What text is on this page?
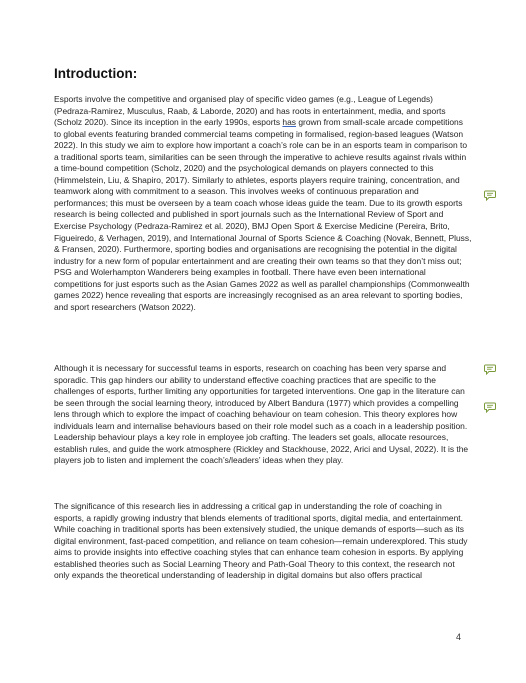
Introduction:

Esports involve the competitive and organised play of specific video games (e.g., League of Legends) (Pedraza-Ramirez, Musculus, Raab, & Laborde, 2020) and has roots in entertainment, media, and sports (Scholz 2020). Since its inception in the early 1990s, esports has grown from small-scale arcade competitions to global events featuring branded commercial teams competing in formalised, region-based leagues (Watson 2022). In this study we aim to explore how important a coach’s role can be in an esports team in comparison to a traditional sports team, similarities can be seen through the imperative to achieve results against rivals within a time-bound competition (Scholz, 2020) and the psychological demands on players connected to this (Himmelstein, Liu, & Shapiro, 2017). Similarly to athletes, esports players require training, concentration, and teamwork along with commitment to a season. This involves weeks of continuous preparation and performances; this must be overseen by a team coach whose ideas guide the team. Due to its growth esports research is being collected and published in sport journals such as the International Review of Sport and Exercise Psychology (Pedraza-Ramirez et al. 2020), BMJ Open Sport & Exercise Medicine (Pereira, Brito, Figueiredo, & Verhagen, 2019), and International Journal of Sports Science & Coaching (Novak, Bennett, Pluss, & Fransen, 2020). Furthermore, sporting bodies and organisations are recognising the potential in the digital industry for a new form of popular entertainment and are creating their own teams so that they don’t miss out; PSG and Wolerhampton Wanderers being examples in football. There have even been international competitions for just esports such as the Asian Games 2022 as well as parallel championships (Commonwealth games 2022) hence revealing that esports are increasingly recognised as an area relevant to sporting bodies, and sport researchers (Watson 2022).

Although it is necessary for successful teams in esports, research on coaching has been very sparse and sporadic. This gap hinders our ability to understand effective coaching practices that are specific to the challenges of esports, further limiting any opportunities for targeted interventions. One gap in the literature can be seen through the social learning theory, introduced by Albert Bandura (1977) which provides a compelling lens through which to explore the impact of coaching behaviour on team cohesion. This theory explores how individuals learn and internalise behaviours based on their role model such as a coach in a leadership position. Leadership behaviour plays a key role in employee job crafting. The leaders set goals, allocate resources, establish rules, and guide the work atmosphere (Rickley and Stackhouse, 2022, Arici and Uysal, 2022). It is the players job to listen and implement the coach’s/leaders’ ideas when they play.

The significance of this research lies in addressing a critical gap in understanding the role of coaching in esports, a rapidly growing industry that blends elements of traditional sports, digital media, and entertainment. While coaching in traditional sports has been extensively studied, the unique demands of esports—such as its digital environment, fast-paced competition, and reliance on team cohesion—remain underexplored. This study aims to provide insights into effective coaching styles that can enhance team cohesion in esports. By applying established theories such as Social Learning Theory and Path-Goal Theory to this context, the research not only expands the theoretical understanding of leadership in digital domains but also offers practical

4
